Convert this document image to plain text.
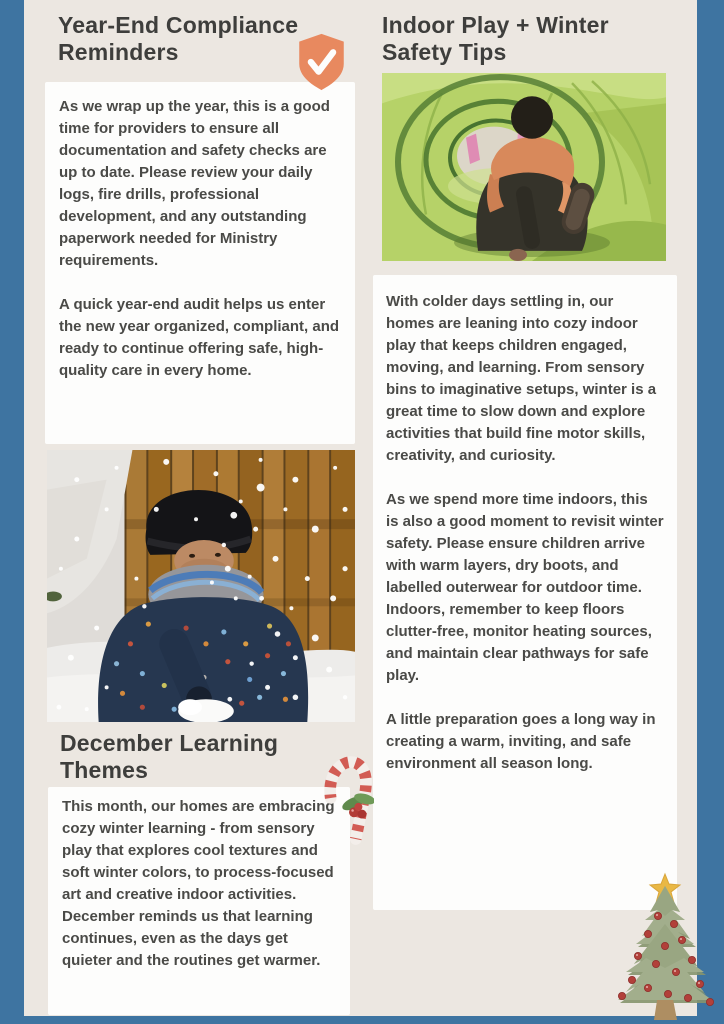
Year-End Compliance Reminders
Indoor Play + Winter Safety Tips
December Learning Themes

As we wrap up the year, this is a good time for providers to ensure all documentation and safety checks are up to date. Please review your daily logs, fire drills, professional development, and any outstanding paperwork needed for Ministry requirements.

A quick year-end audit helps us enter the new year organized, compliant, and ready to continue offering safe, high-quality care in every home.

With colder days settling in, our homes are leaning into cozy indoor play that keeps children engaged, moving, and learning. From sensory bins to imaginative setups, winter is a great time to slow down and explore activities that build fine motor skills, creativity, and curiosity.

As we spend more time indoors, this is also a good moment to revisit winter safety. Please ensure children arrive with warm layers, dry boots, and labelled outerwear for outdoor time. Indoors, remember to keep floors clutter-free, monitor heating sources, and maintain clear pathways for safe play.

A little preparation goes a long way in creating a warm, inviting, and safe environment all season long.

This month, our homes are embracing cozy winter learning - from sensory play that explores cool textures and soft winter colors, to process-focused art and creative indoor activities. December reminds us that learning continues, even as the days get quieter and the routines get warmer.
